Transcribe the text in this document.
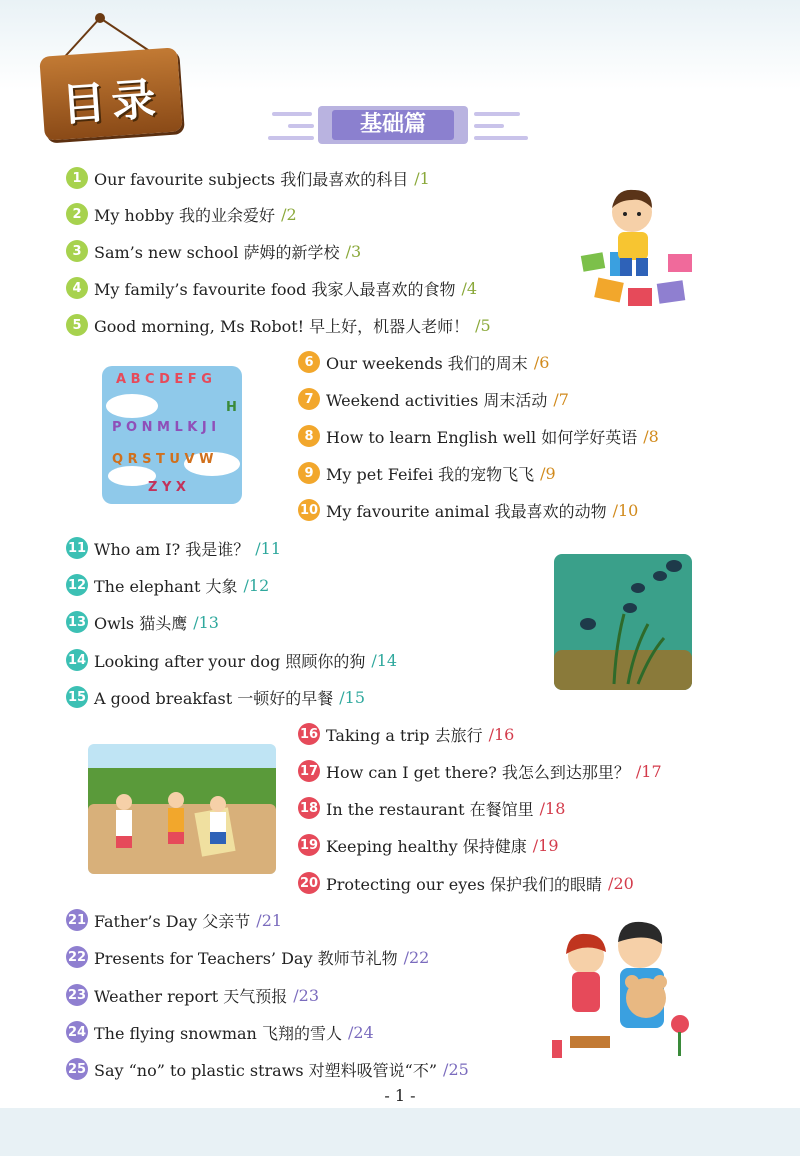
目录	基础篇
1 Our favourite subjects 我们最喜欢的科目 /1
2 My hobby 我的业余爱好 /2
3 Sam’s new school 萨姆的新学校 /3
4 My family’s favourite food 我家人最喜欢的食物 /4
5 Good morning, Ms Robot! 早上好，机器人老师！ /5
6 Our weekends 我们的周末 /6
7 Weekend activities 周末活动 /7
8 How to learn English well 如何学好英语 /8
9 My pet Feifei 我的宠物飞飞 /9
10 My favourite animal 我最喜欢的动物 /10
11 Who am I? 我是谁？ /11
12 The elephant 大象 /12
13 Owls 猫头鹰 /13
14 Looking after your dog 照顾你的狗 /14
15 A good breakfast 一顿好的早餐 /15
16 Taking a trip 去旅行 /16
17 How can I get there? 我怎么到达那里？ /17
18 In the restaurant 在餐馆里 /18
19 Keeping healthy 保持健康 /19
20 Protecting our eyes 保护我们的眼睛 /20
21 Father’s Day 父亲节 /21
22 Presents for Teachers’ Day 教师节礼物 /22
23 Weather report 天气预报 /23
24 The flying snowman 飞翔的雪人 /24
25 Say “no” to plastic straws 对塑料吸管说“不” /25
A B C D E F G
H
P O N M L K J I
Q R S T U V W
Z Y X
- 1 -
